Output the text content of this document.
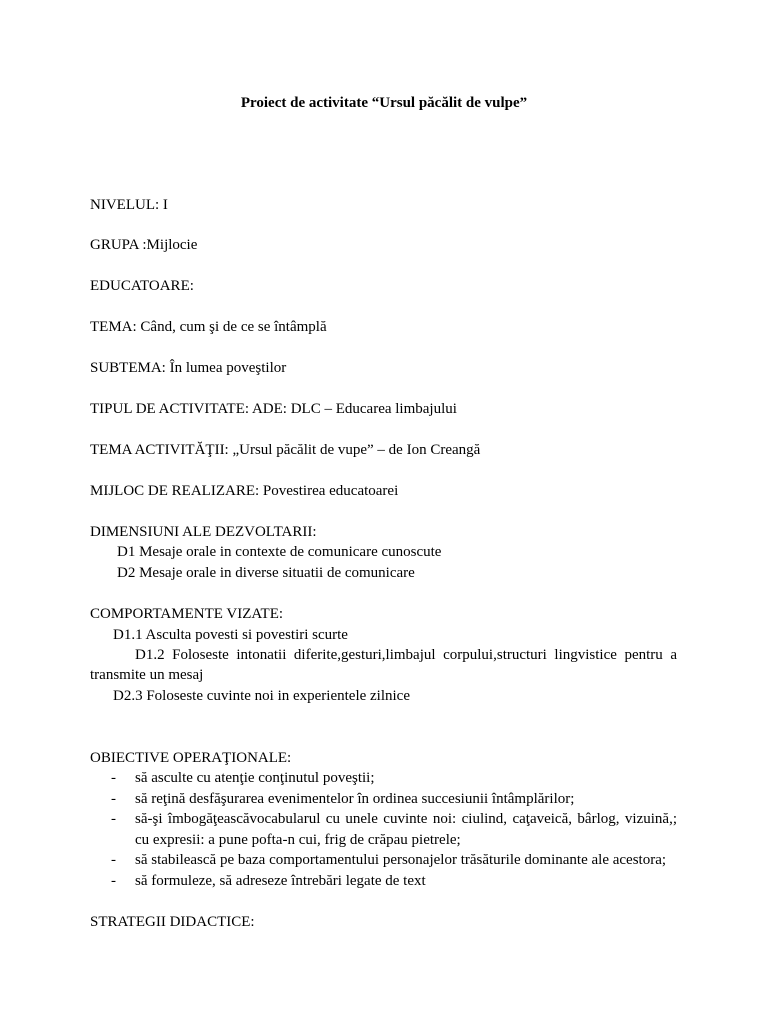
Proiect de activitate “Ursul păcălit de vulpe”
NIVELUL: I
GRUPA :Mijlocie
EDUCATOARE:
TEMA: Când, cum şi de ce se întâmplă
SUBTEMA: În lumea poveştilor
TIPUL DE ACTIVITATE: ADE: DLC – Educarea limbajului
TEMA ACTIVITĂŢII: „Ursul păcălit de vupe” – de Ion Creangă
MIJLOC DE REALIZARE: Povestirea educatoarei
DIMENSIUNI ALE DEZVOLTARII:
D1 Mesaje orale in contexte de comunicare cunoscute
D2 Mesaje orale in diverse situatii de comunicare
COMPORTAMENTE VIZATE:
D1.1 Asculta povesti si povestiri scurte
D1.2 Foloseste intonatii diferite,gesturi,limbajul corpului,structuri lingvistice pentru a
transmite un mesaj
D2.3 Foloseste cuvinte noi in experientele zilnice
OBIECTIVE OPERAŢIONALE:
- să asculte cu atenţie conţinutul poveştii;
- să reţină desfăşurarea evenimentelor în ordinea succesiunii întâmplărilor;
- să-şi îmbogăţeascăvocabularul cu unele cuvinte noi: ciulind, caţaveică, bârlog, vizuină,;
cu expresii: a pune pofta-n cui, frig de crăpau pietrele;
- să stabilească pe baza comportamentului personajelor trăsăturile dominante ale acestora;
- să formuleze, să adreseze întrebări legate de text
STRATEGII DIDACTICE:
